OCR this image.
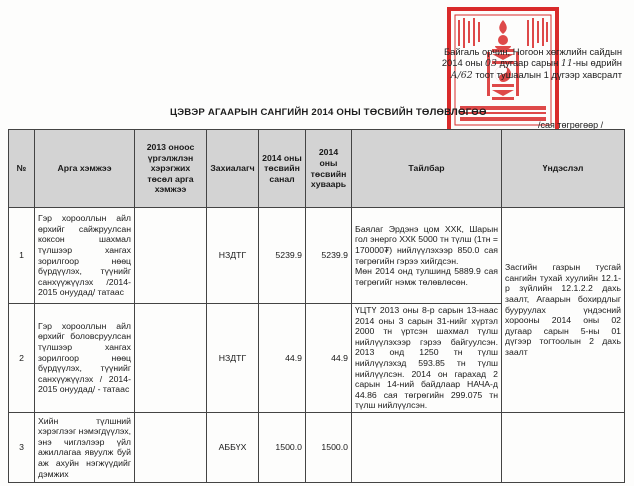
Байгаль орчин, Ногоон хөгжлийн сайдын
2014 оны 03 дугаар сарын 11-ны өдрийн
А/62 тоот тушаалын 1 дүгээр хавсралт
ЦЭВЭР АГААРЫН САНГИЙН 2014 ОНЫ ТӨСВИЙН ТӨЛӨВЛӨГӨӨ
/сая төгрөгөөр /
№	Арга хэмжээ	2013 оноос үргэлжлэн хэрэгжих төсөл арга хэмжээ	Захиалагч	2014 оны төсвийн санал	2014 оны төсвийн хуваарь	Тайлбар	Үндэслэл
1	Гэр хорооллын айл өрхийг сайжруулсан коксон шахмал түлшээр хангах зорилгоор нөөц бүрдүүлэх, түүнийг санхүүжүүлэх /2014-2015 онуудад/ татаас		НЗДТГ	5239.9	5239.9	Баялаг Эрдэнэ цом ХХК, Шарын гол энерго ХХК 5000 тн түлш (1тн = 170000₮) нийлүүлэхээр 850.0 сая төгрөгийн гэрээ хийгдсэн.
Мөн 2014 онд тулшинд 5889.9 сая төгрөгийг нэмж төлөвлөсөн.	Засгийн газрын тусгай сангийн тухай хуулийн 12.1-р зүйлийн 12.1.2.2 дахь заалт, Агаарын бохирдлыг бууруулах үндэсний хорооны 2014 оны 02 дугаар сарын 5-ны 01 дүгээр тогтоолын 2 дахь заалт
2	Гэр хорооллын айл өрхийг боловсруулсан түлшээр хангах зорилгоор нөөц бүрдүүлэх, түүнийг санхүүжүүлэх / 2014-2015 онуудад/ - татаас		НЗДТГ	44.9	44.9	ҮЦТҮ 2013 оны 8-р сарын 13-наас 2014 оны 3 сарын 31-нийг хүртэл 2000 тн үртсэн шахмал түлш нийлүүлэхээр гэрээ байгуулсэн. 2013 онд 1250 тн түлш нийлүүлэхэд 593.85 тн түлш нийлүүлсэн. 2014 он гарахад 2 сарын 14-ний байдлаар НАЧА-д 44.86 сая төгрөгийн 299.075 тн түлш нийлүүлсэн.	
3	Хийн түлшний хэрэглээг нэмэгдүүлэх, энэ чиглэлээр үйл ажиллагаа явуулж буй аж ахуйн нэгжүүдийг дэмжих		АББҮХ	1500.0	1500.0		
